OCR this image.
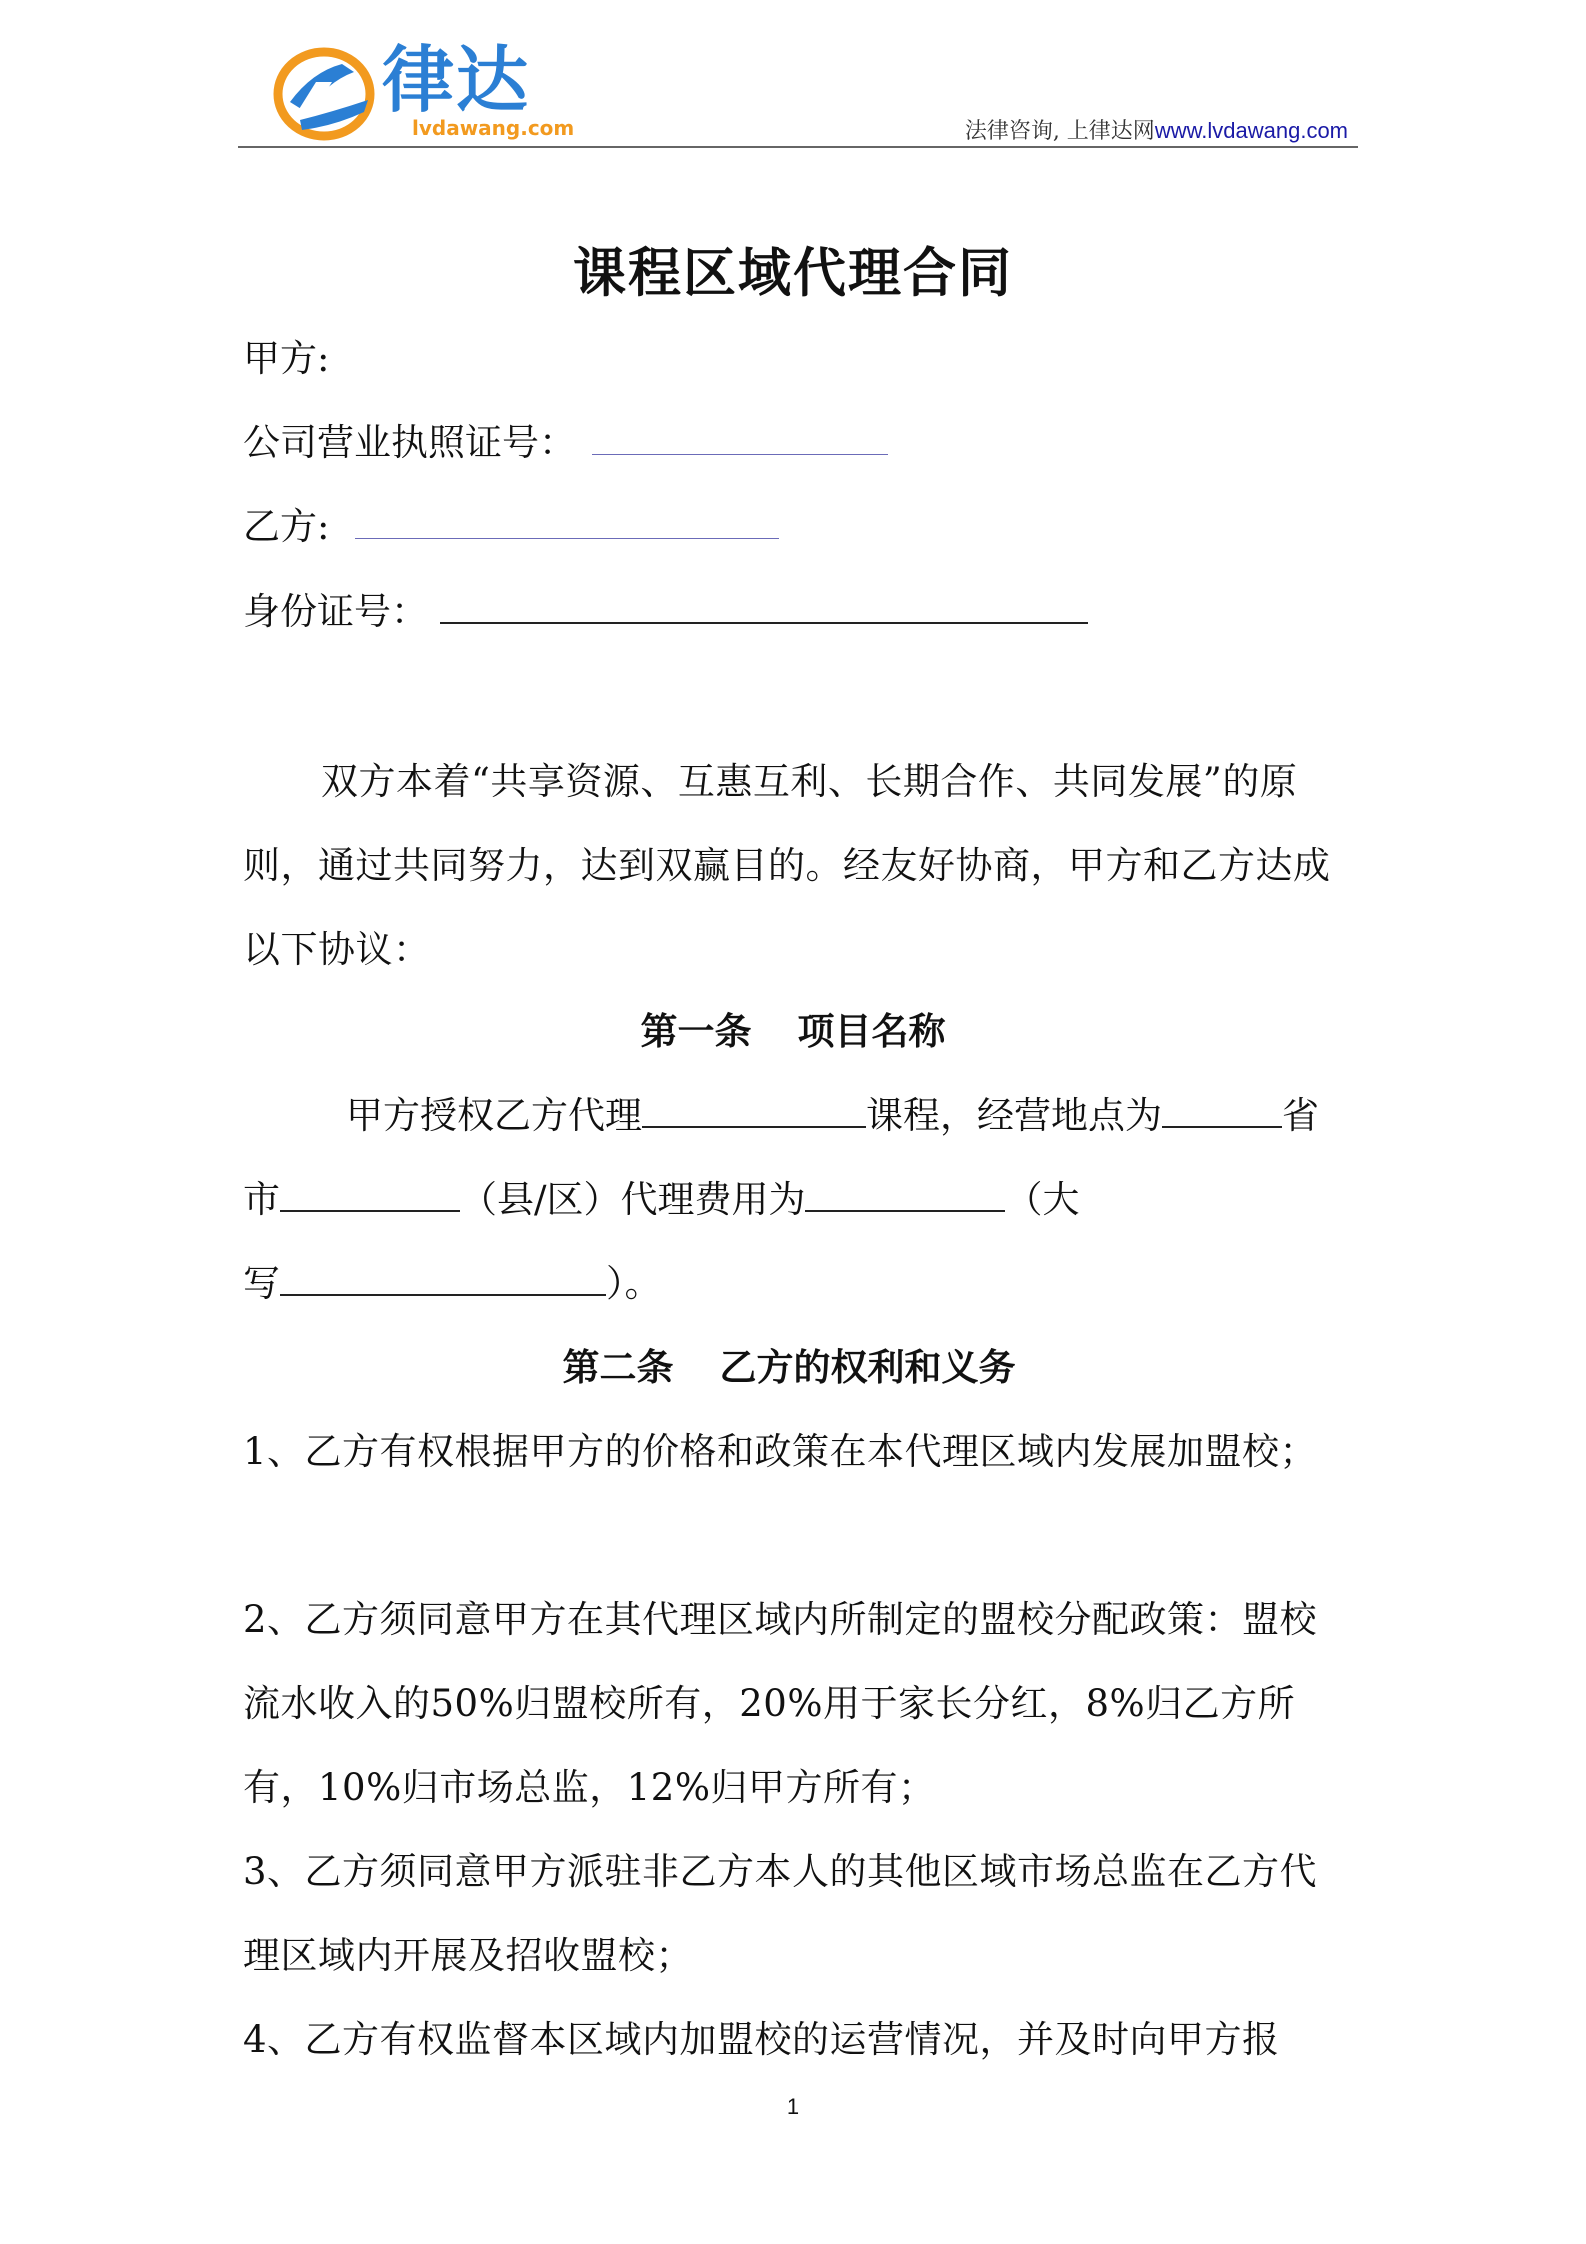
律达
lvdawang.com	法律咨询, 上律达网www.lvdawang.com
课程区域代理合同
甲方:
公司营业执照证号：
乙方:
身份证号：
双方本着“共享资源、互惠互利、长期合作、共同发展”的原则，通过共同努力，达到双赢目的。经友好协商，甲方和乙方达成以下协议：
第一条 项目名称
甲方授权乙方代理	课程，经营地点为	省
市	（县/区）代理费用为	（大
写	）。
第二条 乙方的权利和义务
1、乙方有权根据甲方的价格和政策在本代理区域内发展加盟校；
2、乙方须同意甲方在其代理区域内所制定的盟校分配政策：盟校流水收入的50%归盟校所有，20%用于家长分红，8%归乙方所有，10%归市场总监，12%归甲方所有；
3、乙方须同意甲方派驻非乙方本人的其他区域市场总监在乙方代理区域内开展及招收盟校；
4、乙方有权监督本区域内加盟校的运营情况，并及时向甲方报
1
